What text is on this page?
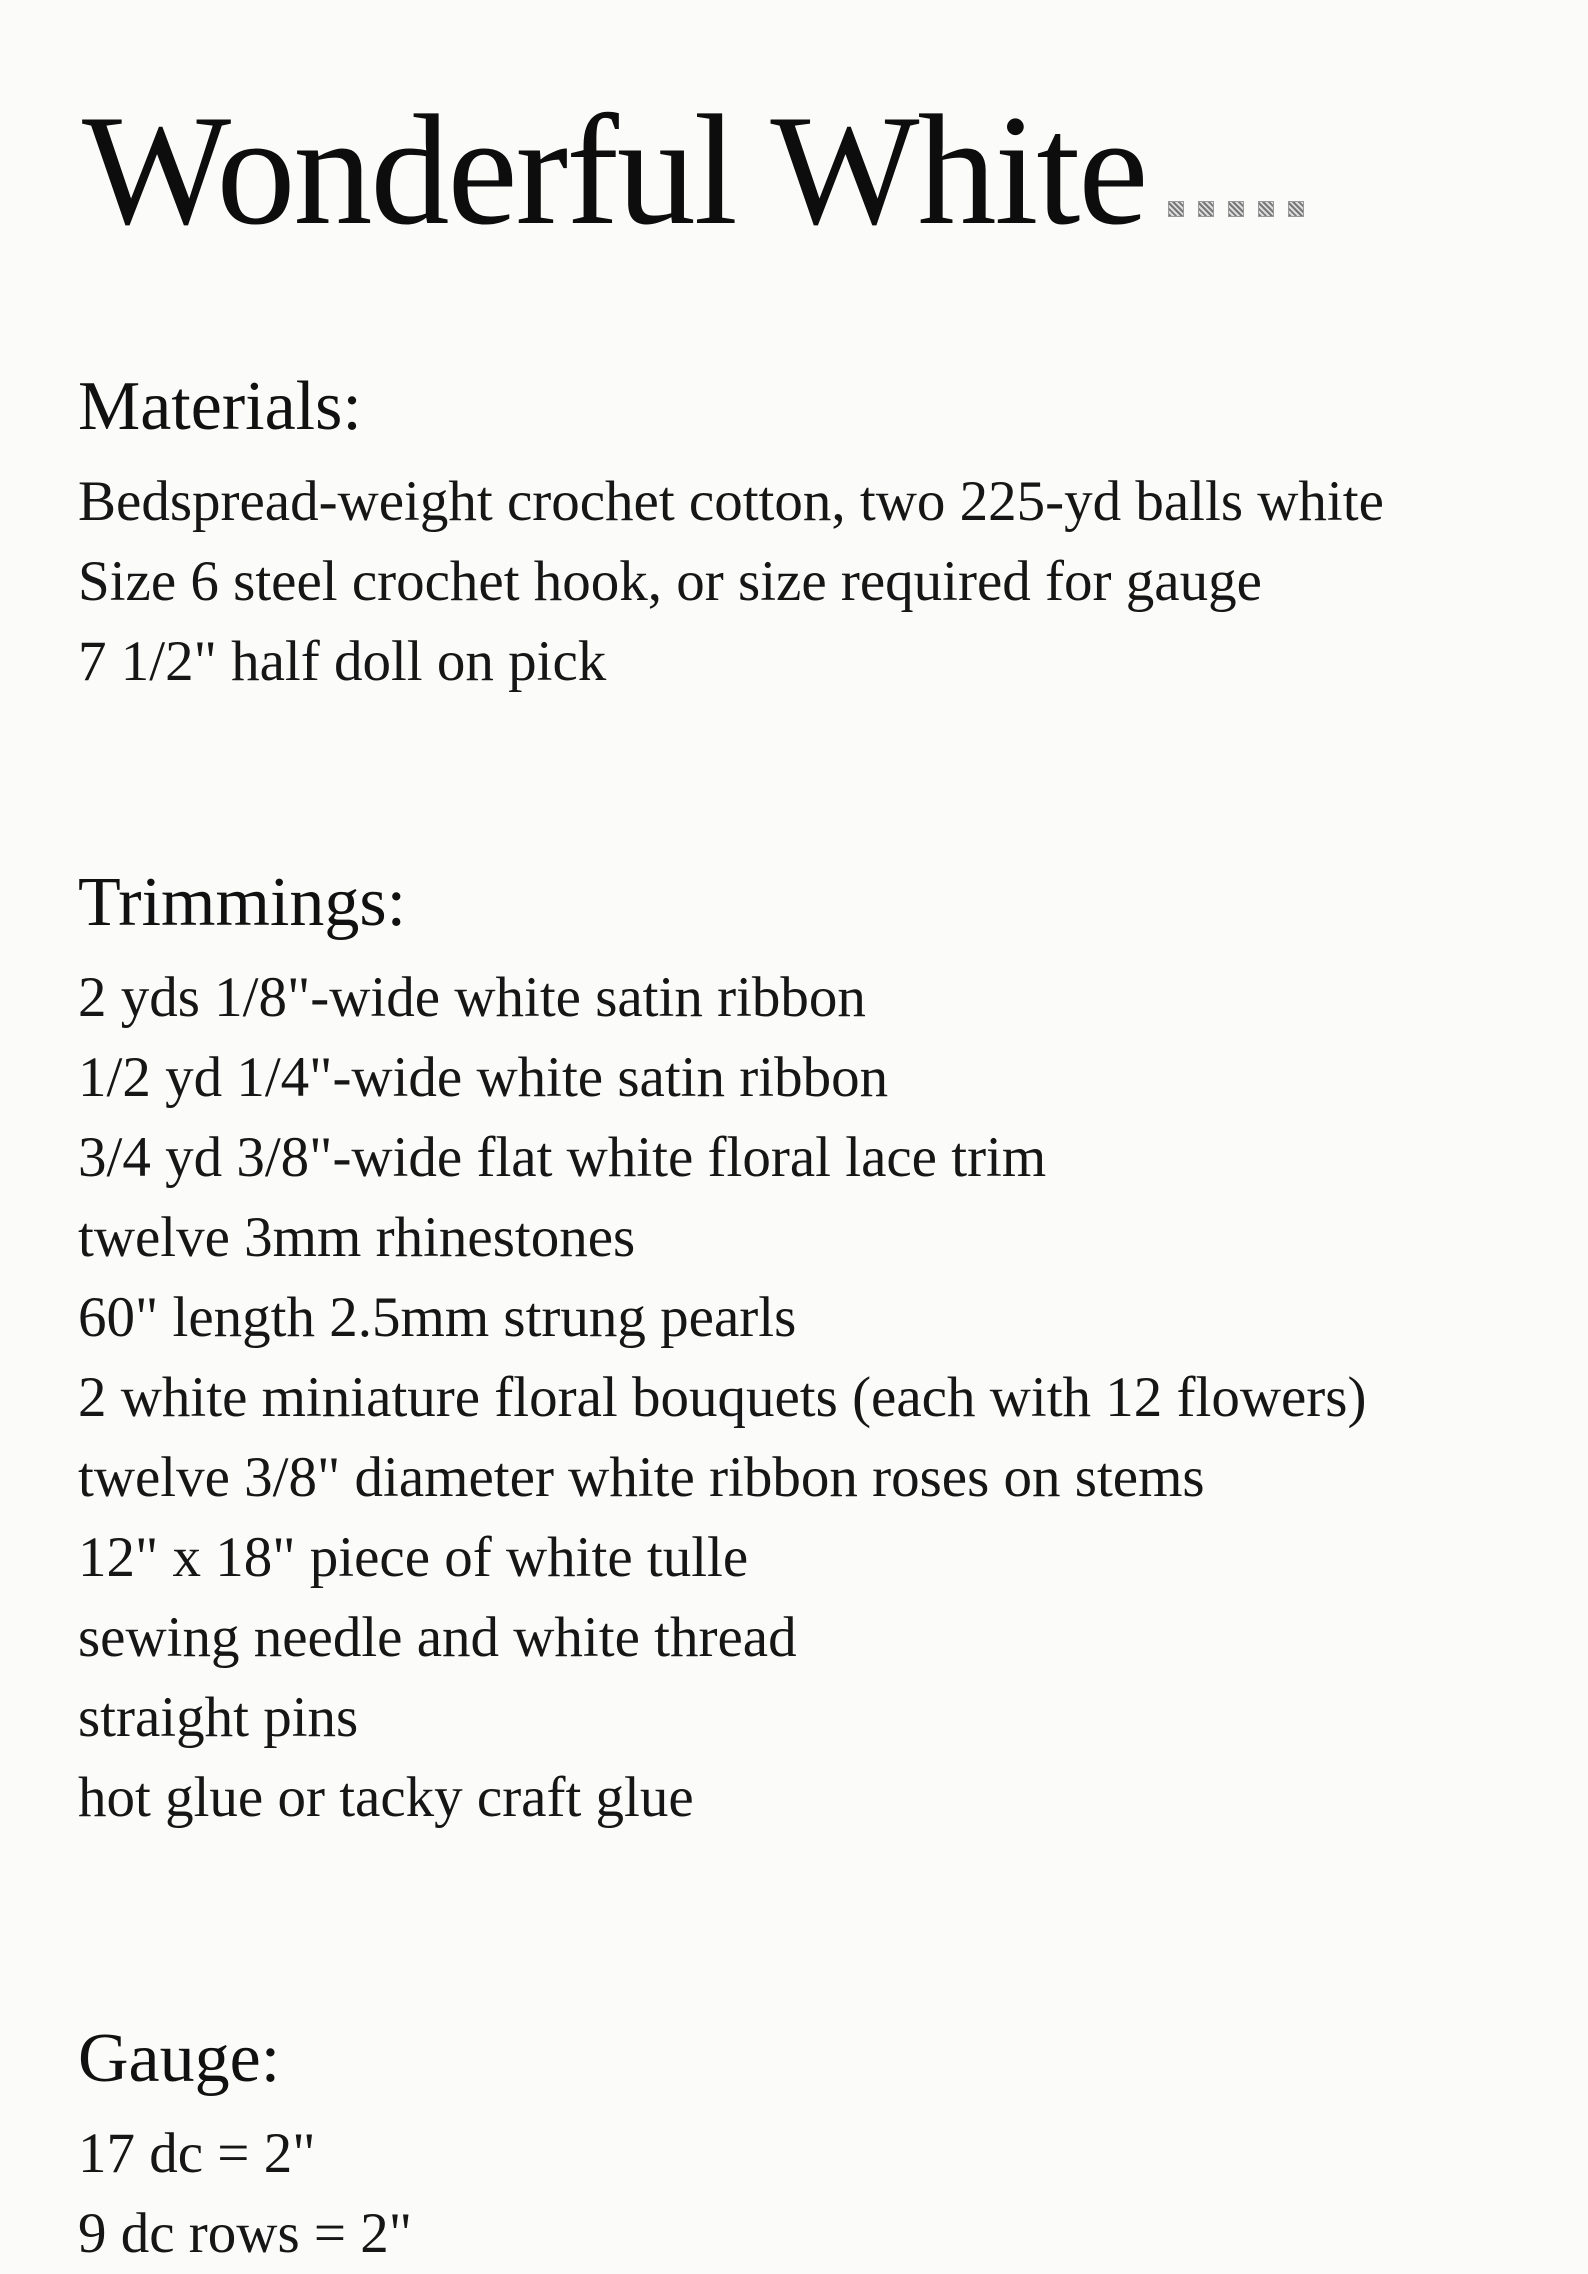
Wonderful White
Materials:
Bedspread-weight crochet cotton, two 225-yd balls white
Size 6 steel crochet hook, or size required for gauge
7 1/2" half doll on pick
Trimmings:
2 yds 1/8"-wide white satin ribbon
1/2 yd 1/4"-wide white satin ribbon
3/4 yd 3/8"-wide flat white floral lace trim
twelve 3mm rhinestones
60" length 2.5mm strung pearls
2 white miniature floral bouquets (each with 12 flowers)
twelve 3/8" diameter white ribbon roses on stems
12" x 18" piece of white tulle
sewing needle and white thread
straight pins
hot glue or tacky craft glue
Gauge:
17 dc = 2"
9 dc rows = 2"
